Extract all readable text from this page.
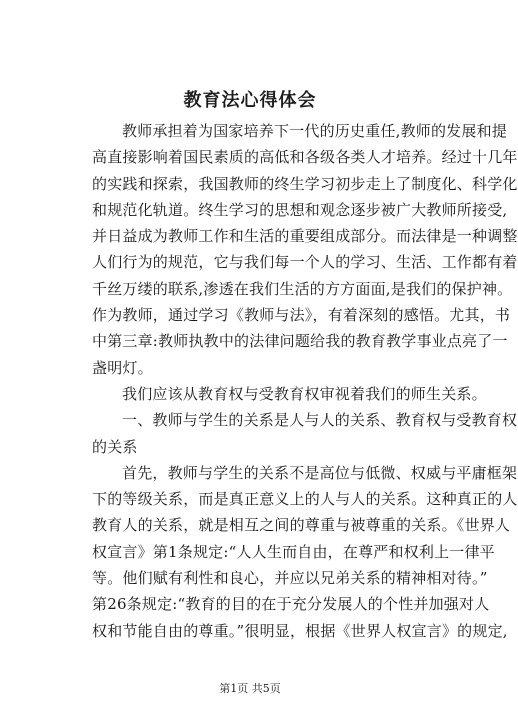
教育法心得体会
教师承担着为国家培养下一代的历史重任,教师的发展和提
高直接影响着国民素质的高低和各级各类人才培养。经过十几年
的实践和探索，我国教师的终生学习初步走上了制度化、科学化
和规范化轨道。终生学习的思想和观念逐步被广大教师所接受,
并日益成为教师工作和生活的重要组成部分。而法律是一种调整
人们行为的规范，它与我们每一个人的学习、生活、工作都有着
千丝万缕的联系,渗透在我们生活的方方面面,是我们的保护神。
作为教师，通过学习《教师与法》，有着深刻的感悟。尤其，书
中第三章:教师执教中的法律问题给我的教育教学事业点亮了一
盏明灯。
我们应该从教育权与受教育权审视着我们的师生关系。
一、教师与学生的关系是人与人的关系、教育权与受教育权
的关系
首先，教师与学生的关系不是高位与低微、权威与平庸框架
下的等级关系，而是真正意义上的人与人的关系。这种真正的人
教育人的关系，就是相互之间的尊重与被尊重的关系。《世界人
权宣言》第1条规定:“人人生而自由，在尊严和权利上一律平
等。他们赋有利性和良心，并应以兄弟关系的精神相对待。”
第26条规定:“教育的目的在于充分发展人的个性并加强对人
权和节能自由的尊重。”很明显，根据《世界人权宣言》的规定,
第1页 共5页
